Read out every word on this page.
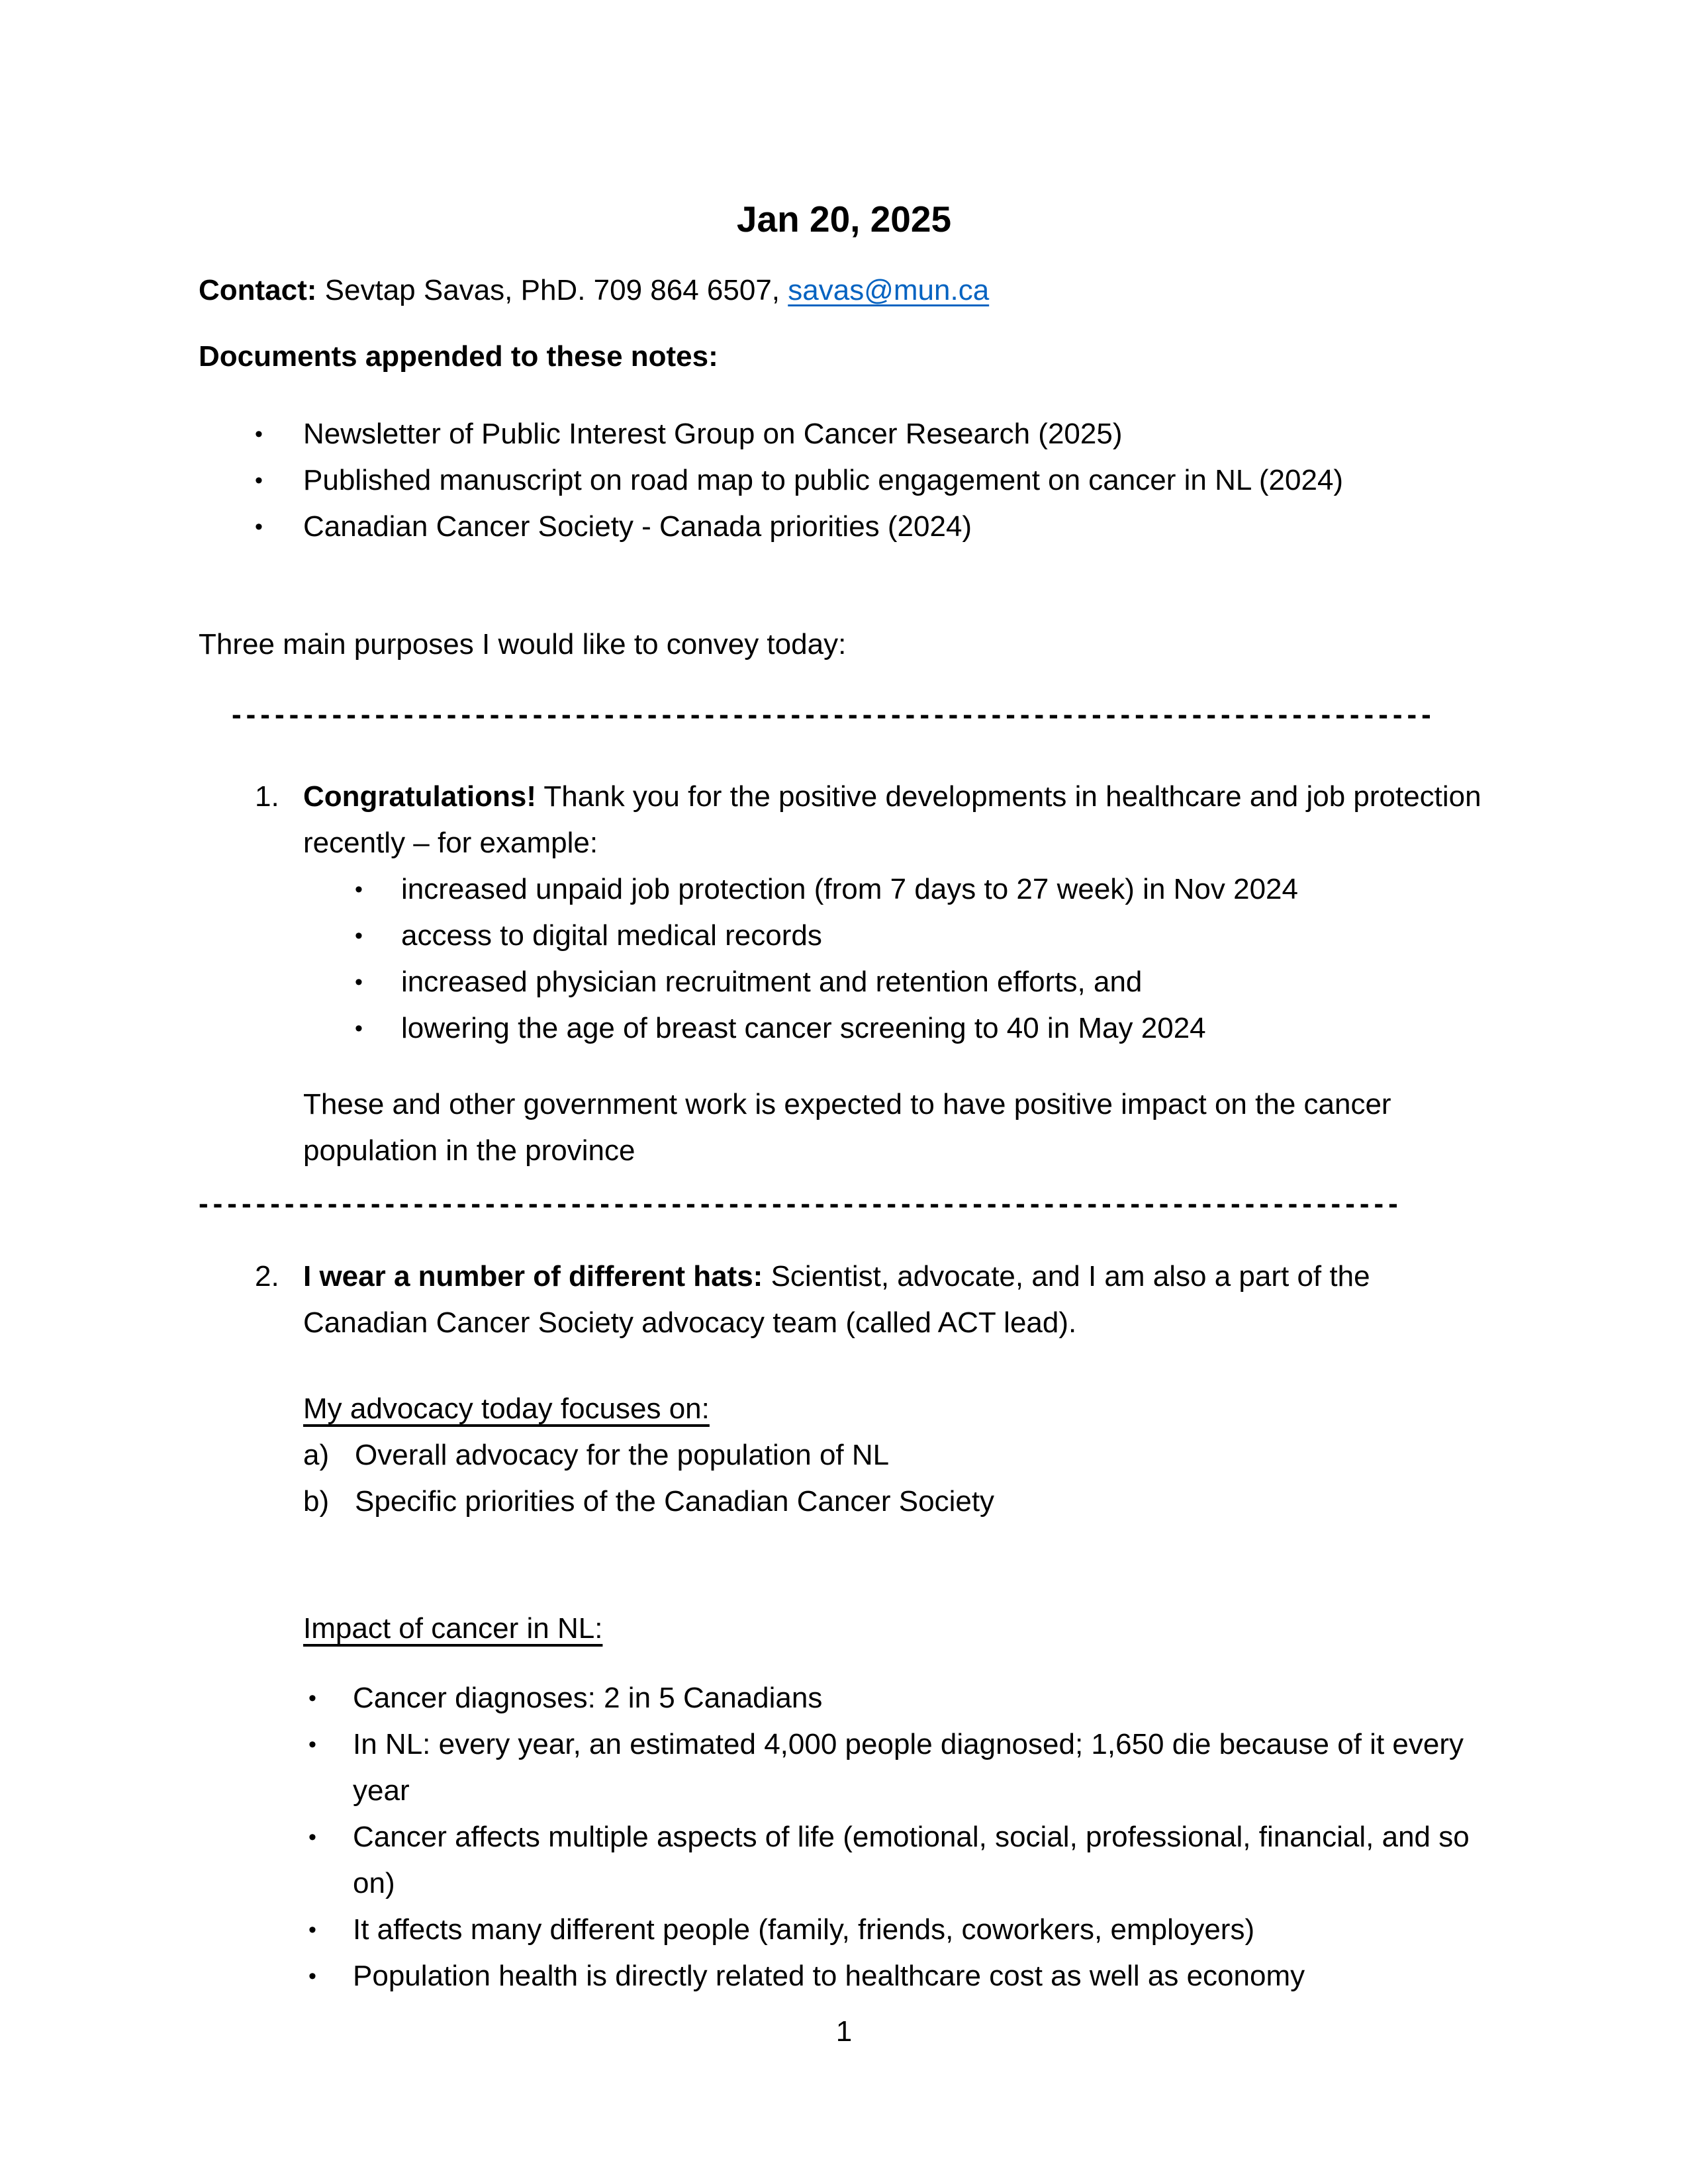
Jan 20, 2025

Contact: Sevtap Savas, PhD. 709 864 6507, savas@mun.ca

Documents appended to these notes:

•	Newsletter of Public Interest Group on Cancer Research (2025)
•	Published manuscript on road map to public engagement on cancer in NL (2024)
•	Canadian Cancer Society - Canada priorities (2024)

Three main purposes I would like to convey today:

------------------------------------------------------------------------------------
1. Congratulations! Thank you for the positive developments in healthcare and job protection recently – for example:

•	increased unpaid job protection (from 7 days to 27 week) in Nov 2024
•	access to digital medical records
•	increased physician recruitment and retention efforts, and
•	lowering the age of breast cancer screening to 40 in May 2024

These and other government work is expected to have positive impact on the cancer population in the province

------------------------------------------------------------------------------------
2. I wear a number of different hats: Scientist, advocate, and I am also a part of the Canadian Cancer Society advocacy team (called ACT lead).

My advocacy today focuses on:

a) Overall advocacy for the population of NL
b) Specific priorities of the Canadian Cancer Society

Impact of cancer in NL:

•	Cancer diagnoses: 2 in 5 Canadians
•	In NL: every year, an estimated 4,000 people diagnosed; 1,650 die because of it every year
•	Cancer affects multiple aspects of life (emotional, social, professional, financial, and so on)
•	It affects many different people (family, friends, coworkers, employers)
•	Population health is directly related to healthcare cost as well as economy
1
